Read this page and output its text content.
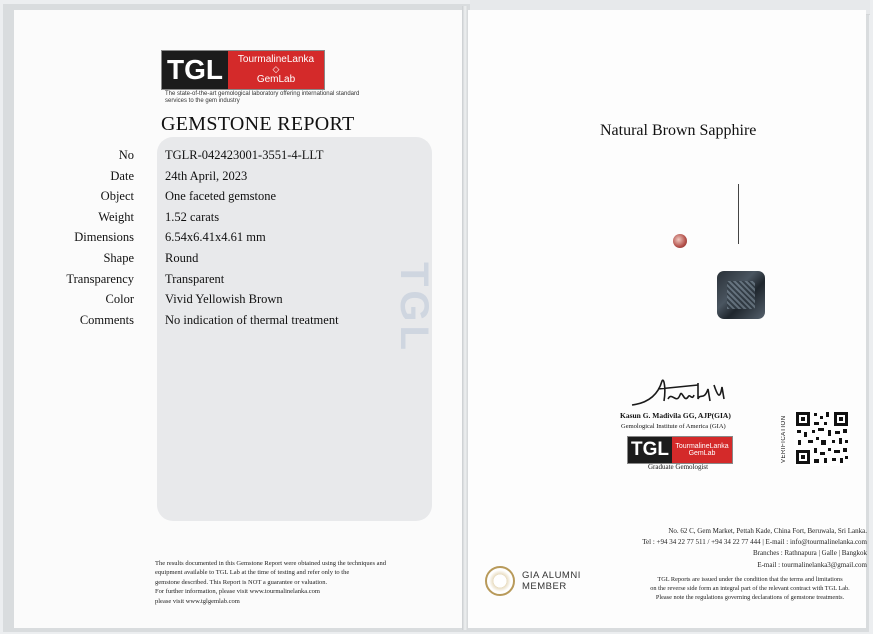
TGL
TGL	TourmalineLanka
◇
GemLab
The state-of-the-art gemological laboratory offering international standard services to the gem industry
GEMSTONE REPORT
No TGLR-042423001-3551-4-LLT
Date 24th April, 2023
Object One faceted gemstone
Weight 1.52 carats
Dimensions 6.54x6.41x4.61 mm
Shape Round
Transparency Transparent
Color Vivid Yellowish Brown
Comments No indication of thermal treatment
The results documented in this Gemstone Report were obtained using the techniques and
equipment available to TGL Lab at the time of testing and refer only to the
gemstone described. This Report is NOT a guarantee or valuation.
For further information, please visit www.tourmalinelanka.com
please visit www.tglgemlab.com
Natural Brown Sapphire
Kasun G. Madivila GG, AJP(GIA)
Gemological Institute of America (GIA)
TGL TourmalineLanka
GemLab
Graduate Gemologist
VERIFICATION
No. 62 C, Gem Market, Pettah Kade, China Fort, Beruwala, Sri Lanka.
Tel : +94 34 22 77 511 / +94 34 22 77 444 | E-mail : info@tourmalinelanka.com
Branches : Rathnapura | Galle | Bangkok
E-mail : tourmalinelanka3@gmail.com
GIA ALUMNI
MEMBER
TGL Reports are issued under the condition that the terms and limitations
on the reverse side form an integral part of the relevant contract with TGL Lab.
Please note the regulations governing declarations of gemstone treatments.
